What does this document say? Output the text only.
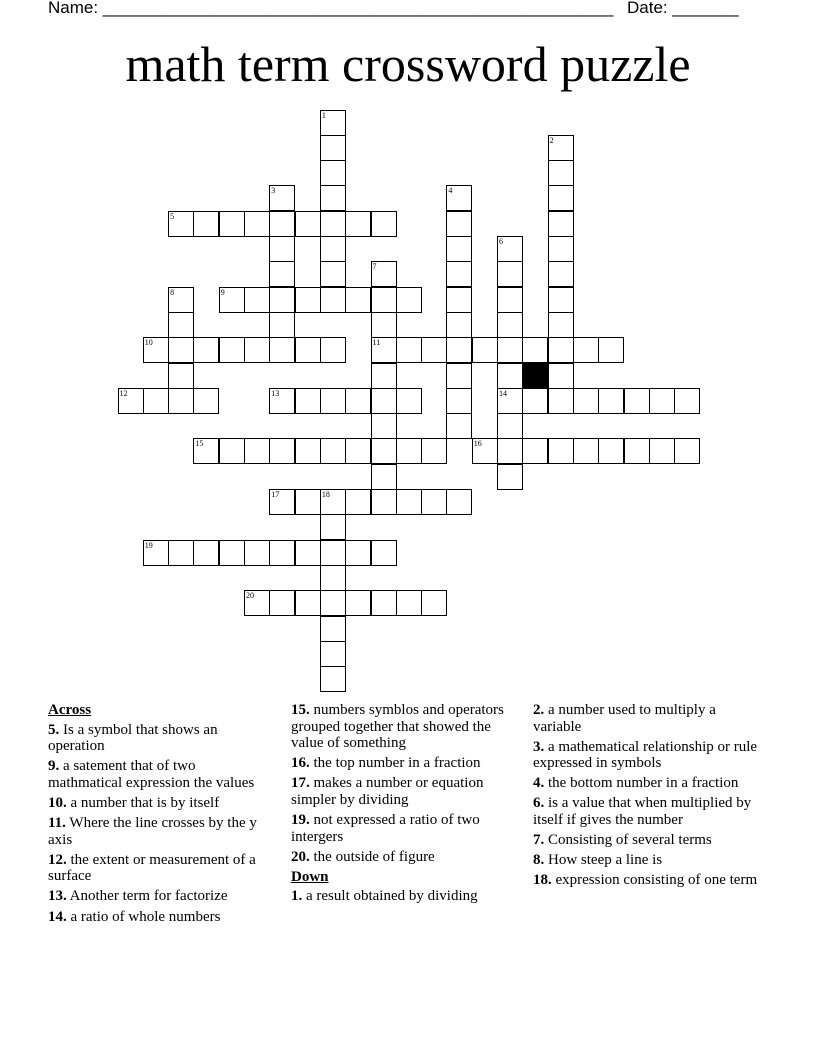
Name: ______________________________________________________ Date: _______
math term crossword puzzle
1
2
3	4
5
6
14
7
11
8	9
10
12	13
15	16
17	18
19
20
Across
5. Is a symbol that shows an operation
9. a satement that of two mathmatical expression the values
10. a number that is by itself
11. Where the line crosses by the y axis
12. the extent or measurement of a surface
13. Another term for factorize
14. a ratio of whole numbers
15. numbers symblos and operators grouped together that showed the value of something
16. the top number in a fraction
17. makes a number or equation simpler by dividing
19. not expressed a ratio of two intergers
20. the outside of figure
Down
1. a result obtained by dividing
2. a number used to multiply a variable
3. a mathematical relationship or rule expressed in symbols
4. the bottom number in a fraction
6. is a value that when multiplied by itself if gives the number
7. Consisting of several terms
8. How steep a line is
18. expression consisting of one term
